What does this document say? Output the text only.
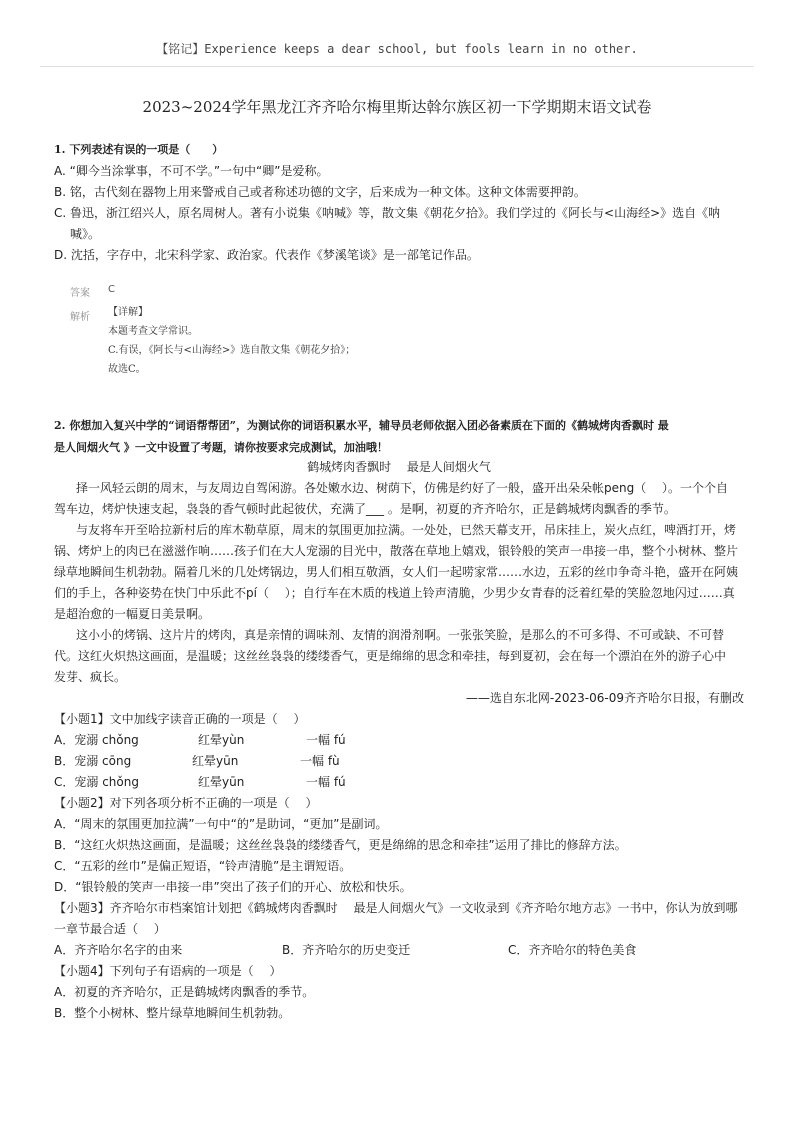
【铭记】Experience keeps a dear school, but fools learn in no other.
2023~2024学年黑龙江齐齐哈尔梅里斯达斡尔族区初一下学期期末语文试卷
1. 下列表述有误的一项是（　　）
A. “卿今当涂掌事，不可不学。”一句中“卿”是爱称。
B. 铭，古代刻在器物上用来警戒自己或者称述功德的文字，后来成为一种文体。这种文体需要押韵。
C. 鲁迅，浙江绍兴人，原名周树人。著有小说集《呐喊》等，散文集《朝花夕拾》。我们学过的《阿长与<山海经>》选自《呐
喊》。
D. 沈括，字存中，北宋科学家、政治家。代表作《梦溪笔谈》是一部笔记作品。
答案 C
解析 【详解】
本题考查文学常识。
C.有误，《阿长与<山海经>》选自散文集《朝花夕拾》；
故选C。
2. 你想加入复兴中学的“词语帮帮团”，为测试你的词语积累水平，辅导员老师依据入团必备素质在下面的《鹤城烤肉香飘时 最
是人间烟火气 》一文中设置了考题，请你按要求完成测试，加油哦！
鹤城烤肉香飘时　 最是人间烟火气
择一风轻云朗的周末，与友周边自驾闲游。各处嫩水边、树荫下，仿佛是约好了一般，盛开出朵朵帐peng（　 ）。一个个自
驾车边，烤炉快速支起，袅袅的香气顿时此起彼伏，充满了___ 。是啊，初夏的齐齐哈尔，正是鹤城烤肉飘香的季节。
与友将车开至哈拉新村后的库木勒草原，周末的氛围更加拉满。一处处，已然天幕支开，吊床挂上，炭火点红，啤酒打开，烤
锅、烤炉上的肉已在滋滋作响……孩子们在大人宠溺的目光中，散落在草地上嬉戏，银铃般的笑声一串接一串，整个小树林、整片
绿草地瞬间生机勃勃。隔着几米的几处烤锅边，男人们相互敬酒，女人们一起唠家常……水边，五彩的丝巾争奇斗艳，盛开在阿姨
们的手上，各种姿势在快门中乐此不pí（　 ）；自行车在木质的栈道上铃声清脆，少男少女青春的泛着红晕的笑脸忽地闪过……真
是超治愈的一幅夏日美景啊。
这小小的烤锅、这片片的烤肉，真是亲情的调味剂、友情的润滑剂啊。一张张笑脸，是那么的不可多得、不可或缺、不可替
代。这红火炽热这画面，是温暖；这丝丝袅袅的缕缕香气，更是绵绵的思念和牵挂，每到夏初，会在每一个漂泊在外的游子心中
发芽、疯长。
——选自东北网-2023-06-09齐齐哈尔日报，有删改
【小题1】文中加线字读音正确的一项是（　 ）
A．宠溺 chǒng	红晕yùn	一幅 fú
B．宠溺 cōng	红晕yūn	一幅 fù
C．宠溺 chǒng	红晕yūn	一幅 fú
【小题2】对下列各项分析不正确的一项是（　 ）
A．“周末的氛围更加拉满”一句中“的”是助词，“更加”是副词。
B．“这红火炽热这画面，是温暖；这丝丝袅袅的缕缕香气，更是绵绵的思念和牵挂”运用了排比的修辞方法。
C．“五彩的丝巾”是偏正短语，“铃声清脆”是主谓短语。
D．“银铃般的笑声一串接一串”突出了孩子们的开心、放松和快乐。
【小题3】齐齐哈尔市档案馆计划把《鹤城烤肉香飘时　 最是人间烟火气》一文收录到《齐齐哈尔地方志》一书中，你认为放到哪
一章节最合适（　 ）
A．齐齐哈尔名字的由来	B．齐齐哈尔的历史变迁	C．齐齐哈尔的特色美食
【小题4】下列句子有语病的一项是（　 ）
A．初夏的齐齐哈尔，正是鹤城烤肉飘香的季节。
B．整个小树林、整片绿草地瞬间生机勃勃。
